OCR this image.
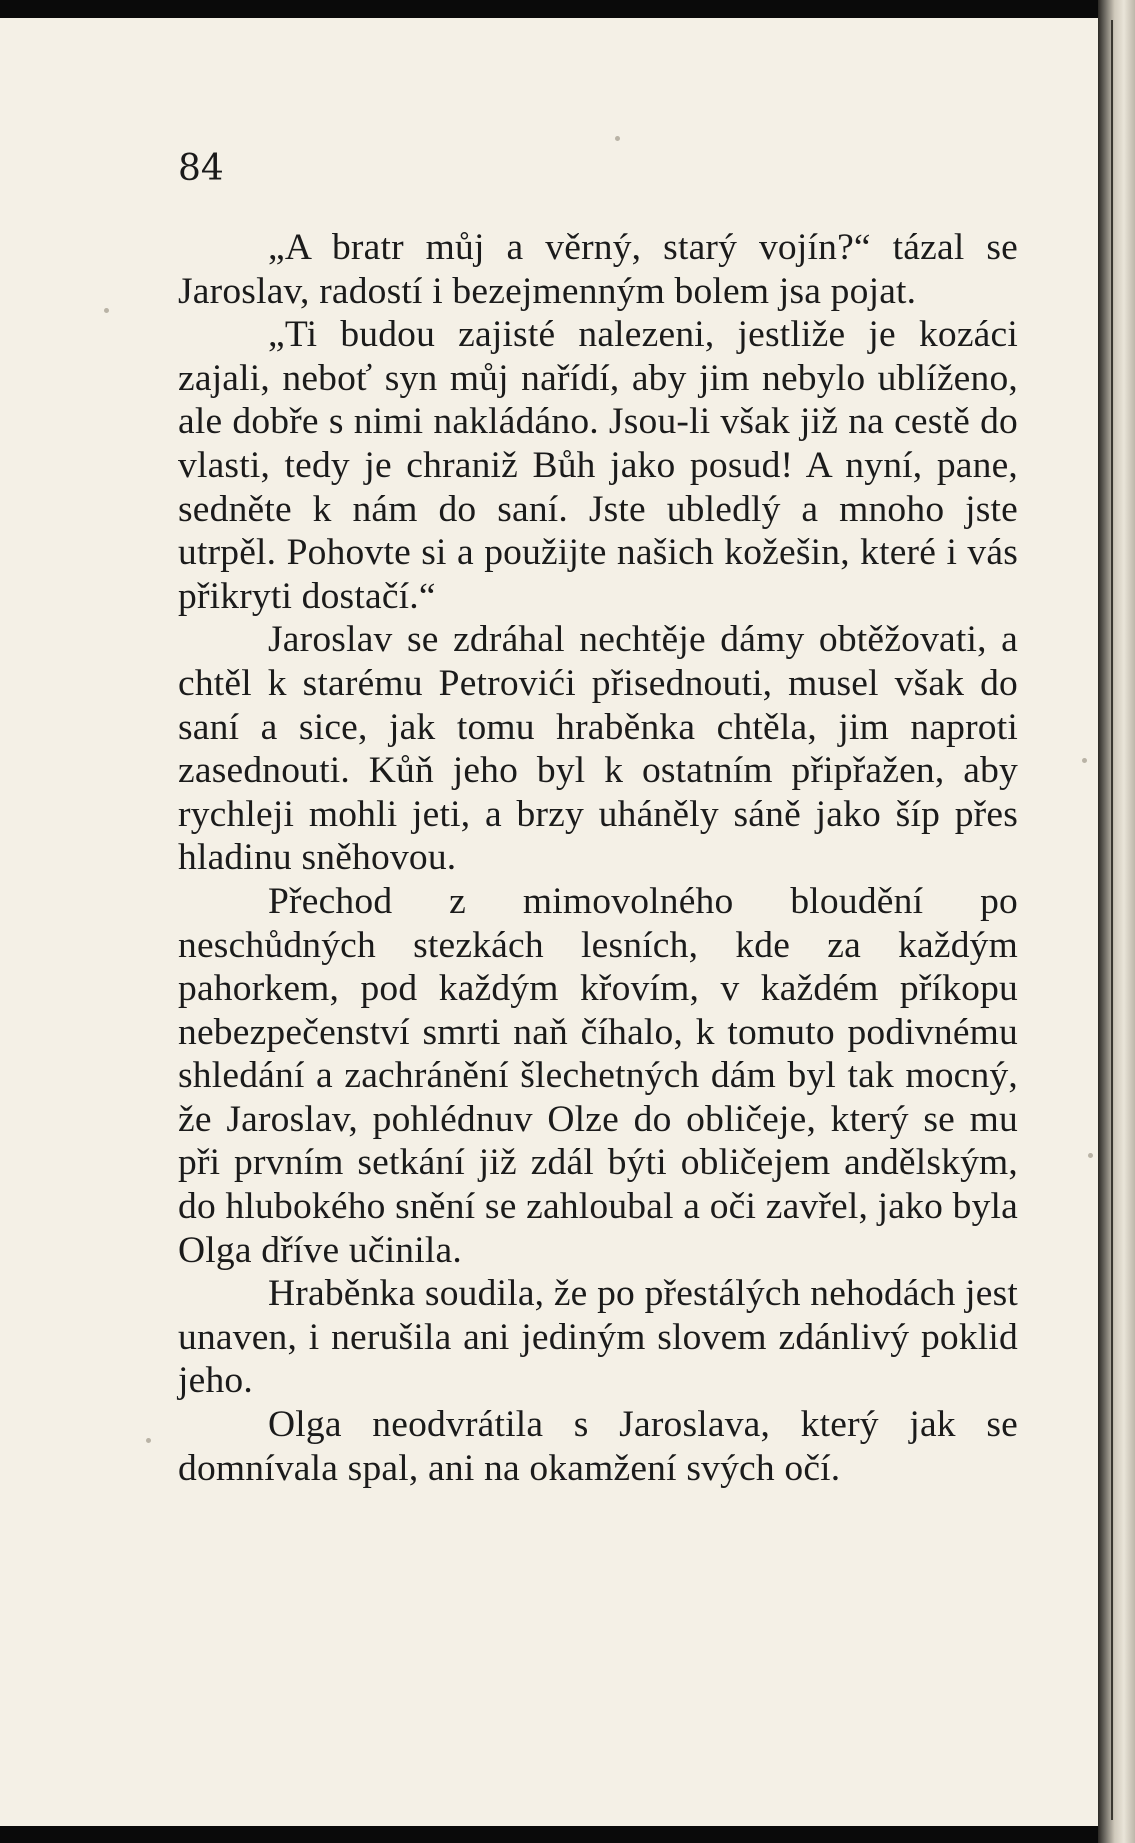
84

„A bratr můj a věrný, starý vojín?“ tázal se Jaroslav, radostí i bezejmenným bolem jsa pojat.

„Ti budou zajisté nalezeni, jestliže je kozáci zajali, neboť syn můj nařídí, aby jim nebylo ublíženo, ale dobře s nimi nakládáno. Jsou-li však již na cestě do vlasti, tedy je chraniž Bůh jako posud! A nyní, pane, sedněte k nám do saní. Jste ubledlý a mnoho jste utrpěl. Pohovte si a použijte našich kožešin, které i vás přikryti dostačí.“

Jaroslav se zdráhal nechtěje dámy obtěžovati, a chtěl k starému Petrovići přisednouti, musel však do saní a sice, jak tomu hraběnka chtěla, jim naproti zasednouti. Kůň jeho byl k ostatním připřažen, aby rychleji mohli jeti, a brzy uháněly sáně jako šíp přes hladinu sněhovou.

Přechod z mimovolného bloudění po neschůdných stezkách lesních, kde za každým pahorkem, pod každým křovím, v každém příkopu nebezpečenství smrti naň číhalo, k tomuto podivnému shledání a zachránění šlechetných dám byl tak mocný, že Jaroslav, pohlédnuv Olze do obličeje, který se mu při prvním setkání již zdál býti obličejem andělským, do hlubokého snění se zahloubal a oči zavřel, jako byla Olga dříve učinila.

Hraběnka soudila, že po přestálých nehodách jest unaven, i nerušila ani jediným slovem zdánlivý poklid jeho.

Olga neodvrátila s Jaroslava, který jak se domnívala spal, ani na okamžení svých očí.
